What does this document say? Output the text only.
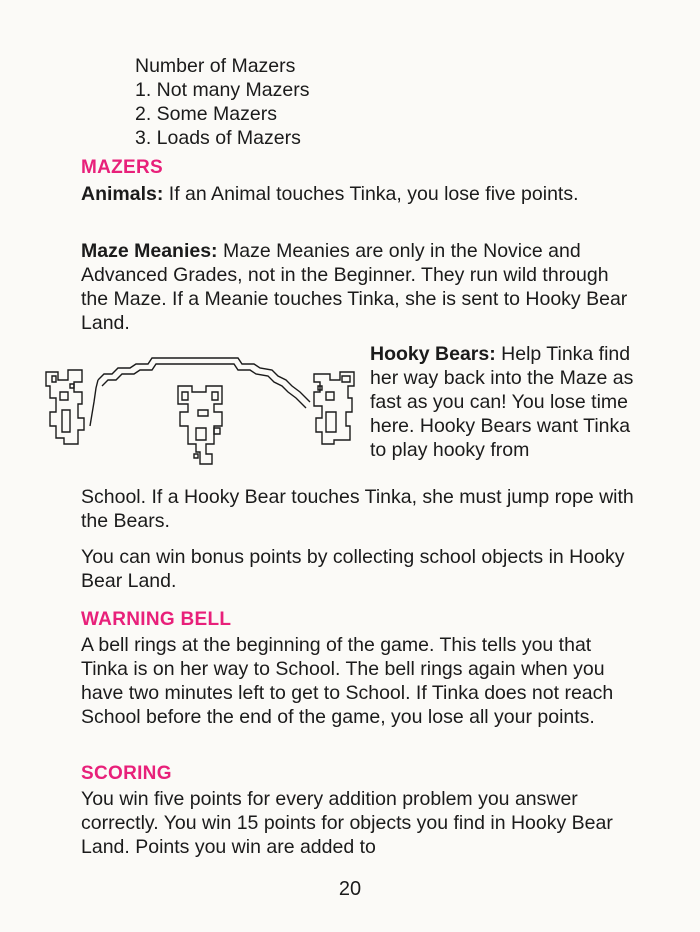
Number of Mazers
1. Not many Mazers
2. Some Mazers
3. Loads of Mazers
MAZERS
Animals: If an Animal touches Tinka, you lose five points.
Maze Meanies: Maze Meanies are only in the Novice and Advanced Grades, not in the Beginner. They run wild through the Maze. If a Meanie touches Tinka, she is sent to Hooky Bear Land.
Hooky Bears: Help Tinka find her way back into the Maze as fast as you can! You lose time here. Hooky Bears want Tinka to play hooky from
School. If a Hooky Bear touches Tinka, she must jump rope with the Bears.
You can win bonus points by collecting school objects in Hooky Bear Land.
WARNING BELL
A bell rings at the beginning of the game. This tells you that Tinka is on her way to School. The bell rings again when you have two minutes left to get to School. If Tinka does not reach School before the end of the game, you lose all your points.
SCORING
You win five points for every addition problem you answer correctly. You win 15 points for objects you find in Hooky Bear Land. Points you win are added to
20
